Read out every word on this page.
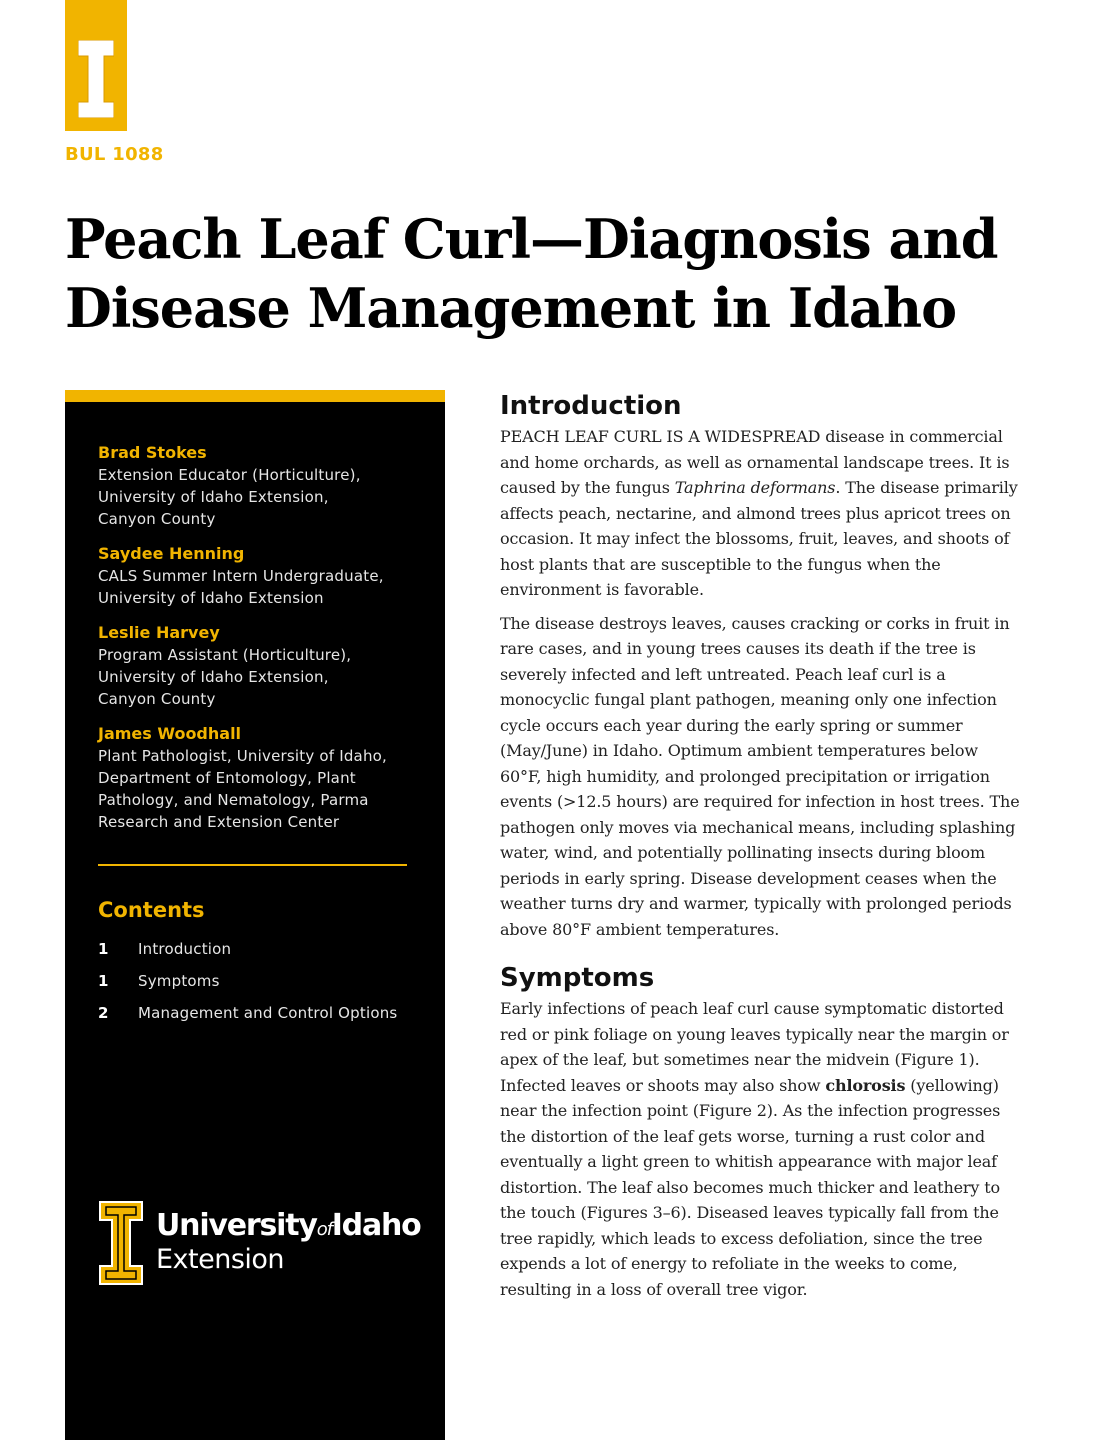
BUL 1088
Peach Leaf Curl—Diagnosis and
Disease Management in Idaho
Brad Stokes
Extension Educator (Horticulture),
University of Idaho Extension,
Canyon County
Saydee Henning
CALS Summer Intern Undergraduate,
University of Idaho Extension
Leslie Harvey
Program Assistant (Horticulture),
University of Idaho Extension,
Canyon County
James Woodhall
Plant Pathologist, University of Idaho,
Department of Entomology, Plant
Pathology, and Nematology, Parma
Research and Extension Center
Contents
1	Introduction
1	Symptoms
2	Management and Control Options
UniversityofIdaho
Extension
Introduction

PEACH LEAF CURL IS A WIDESPREAD disease in commercial and home orchards, as well as ornamental landscape trees. It is caused by the fungus Taphrina deformans. The disease primarily affects peach, nectarine, and almond trees plus apricot trees on occasion. It may infect the blossoms, fruit, leaves, and shoots of host plants that are susceptible to the fungus when the environment is favorable.

The disease destroys leaves, causes cracking or corks in fruit in rare cases, and in young trees causes its death if the tree is severely infected and left untreated. Peach leaf curl is a monocyclic fungal plant pathogen, meaning only one infection cycle occurs each year during the early spring or summer (May/June) in Idaho. Optimum ambient temperatures below 60°F, high humidity, and prolonged precipitation or irrigation events (>12.5 hours) are required for infection in host trees. The pathogen only moves via mechanical means, including splashing water, wind, and potentially pollinating insects during bloom periods in early spring. Disease development ceases when the weather turns dry and warmer, typically with prolonged periods above 80°F ambient temperatures.

Symptoms

Early infections of peach leaf curl cause symptomatic distorted red or pink foliage on young leaves typically near the margin or apex of the leaf, but sometimes near the midvein (Figure 1). Infected leaves or shoots may also show chlorosis (yellowing) near the infection point (Figure 2). As the infection progresses the distortion of the leaf gets worse, turning a rust color and eventually a light green to whitish appearance with major leaf distortion. The leaf also becomes much thicker and leathery to the touch (Figures 3–6). Diseased leaves typically fall from the tree rapidly, which leads to excess defoliation, since the tree expends a lot of energy to refoliate in the weeks to come, resulting in a loss of overall tree vigor.
